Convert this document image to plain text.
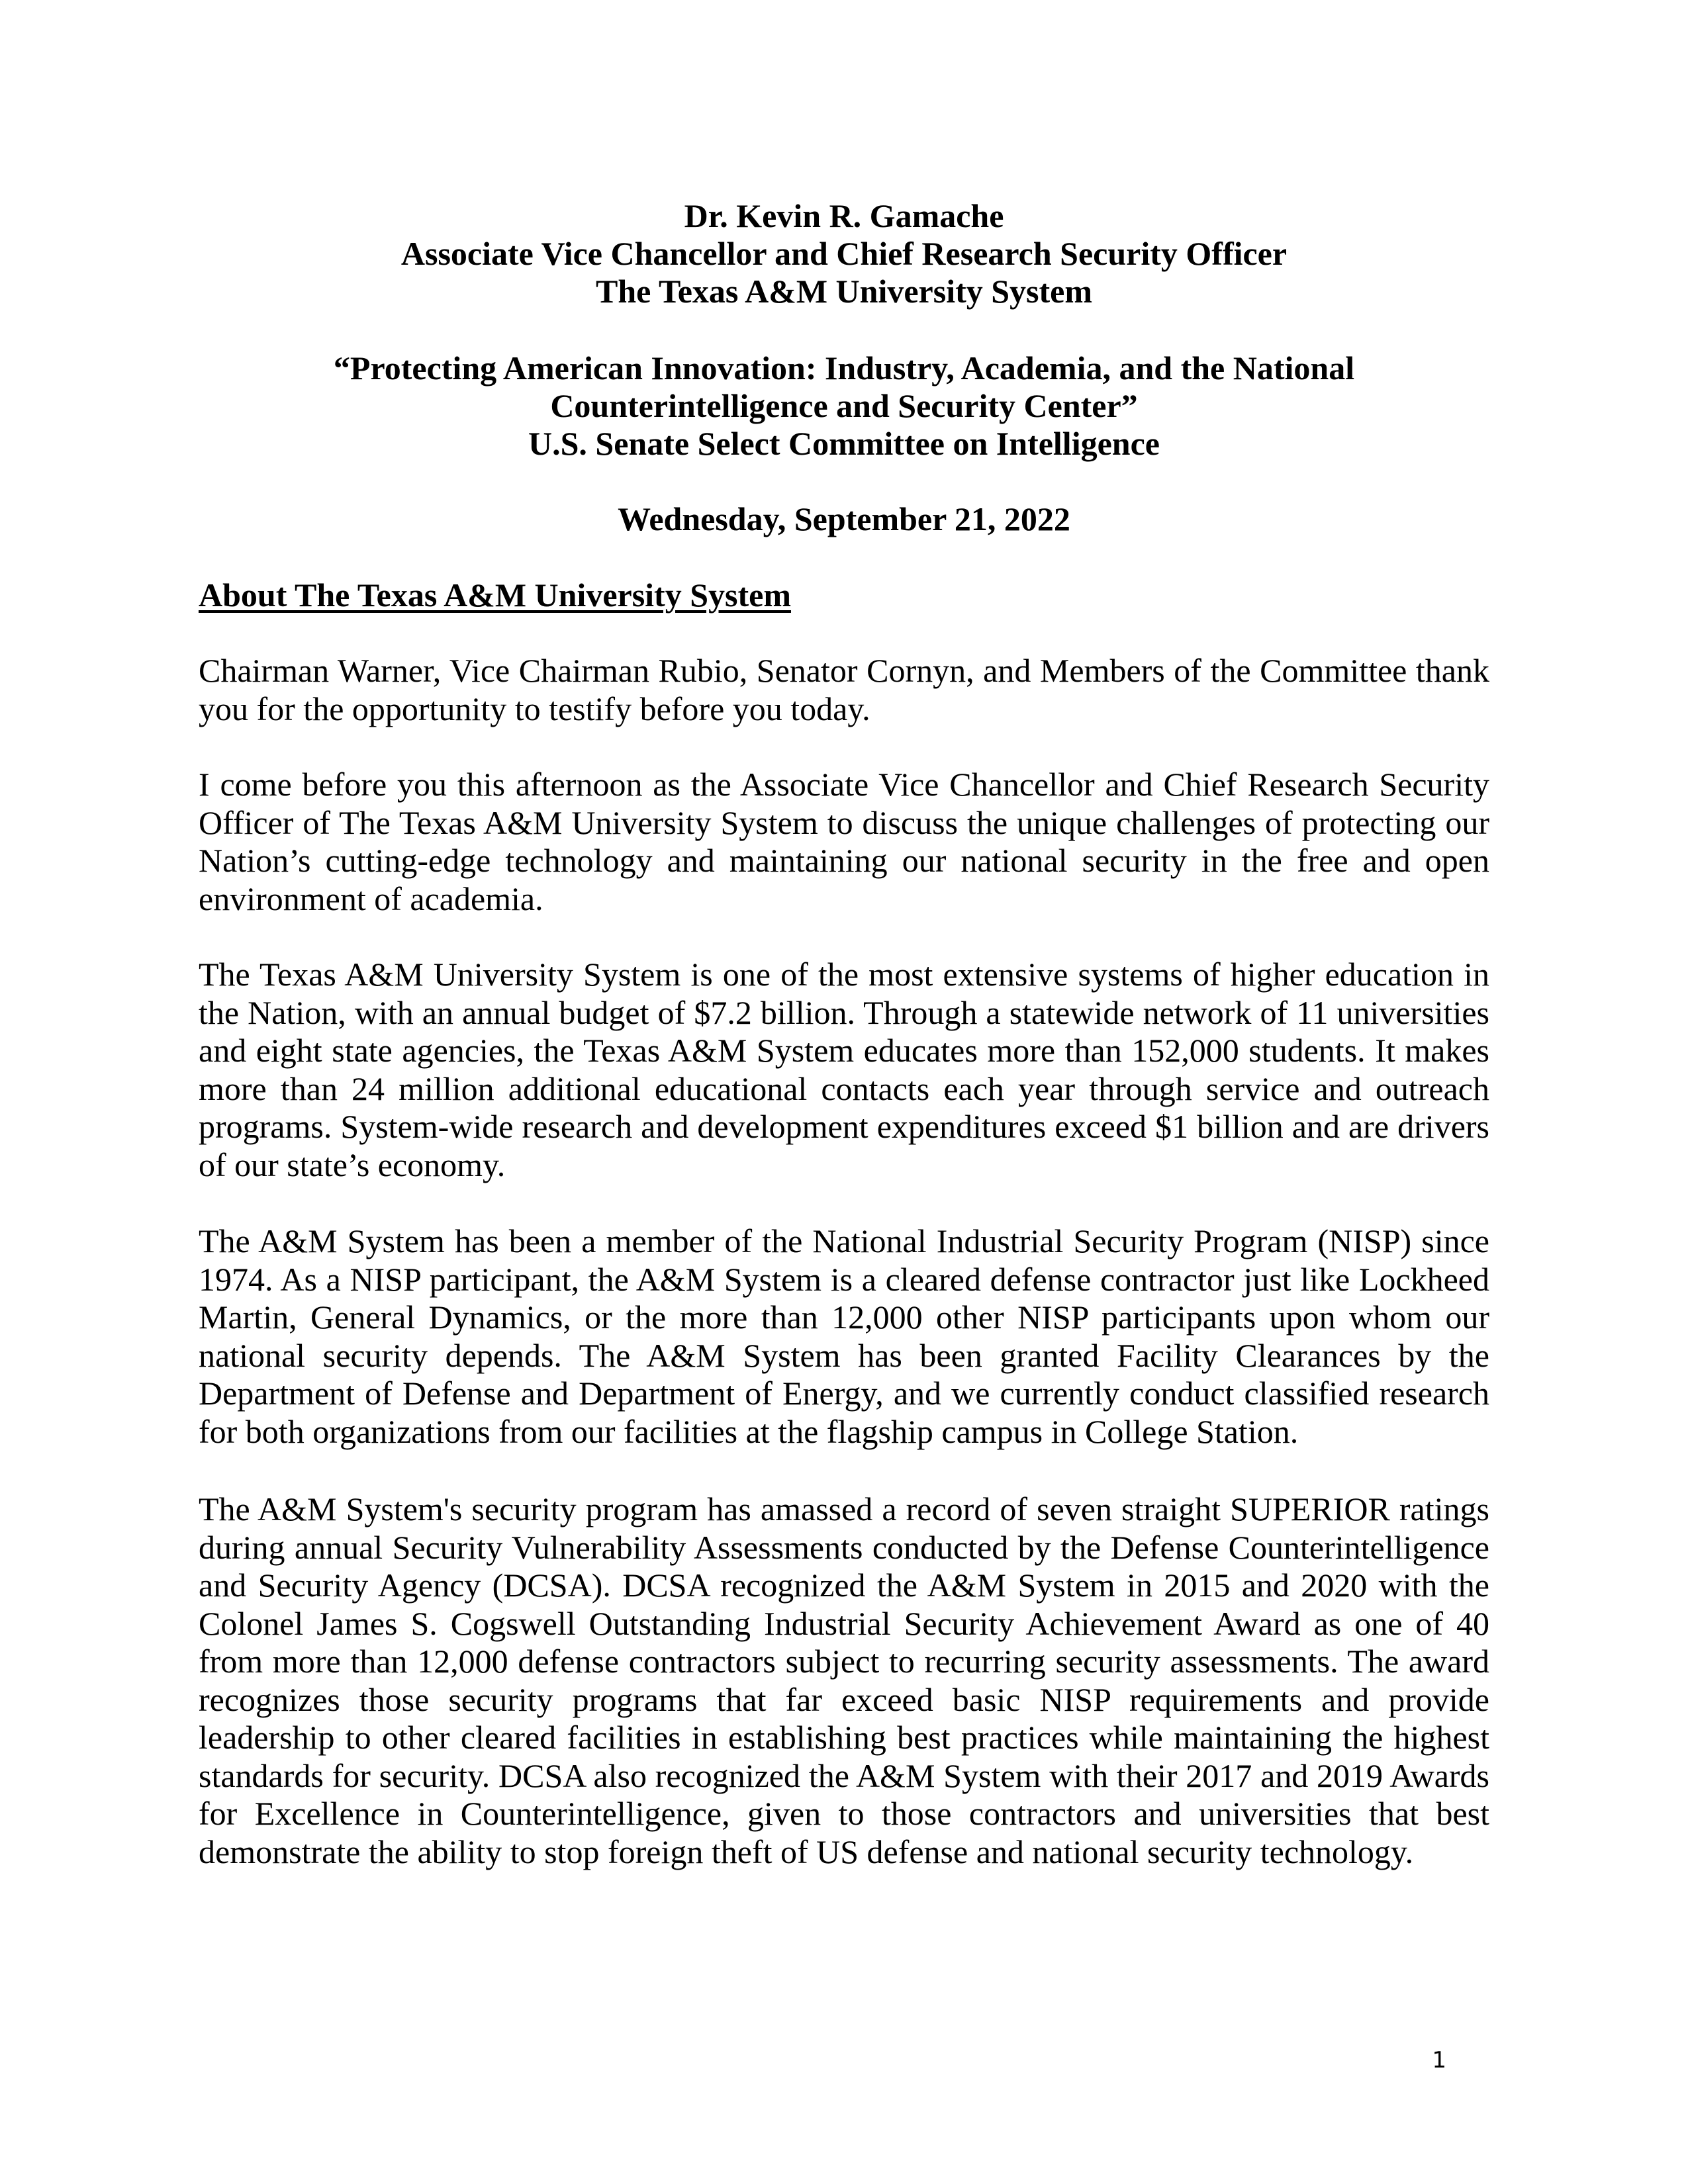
Dr. Kevin R. Gamache
Associate Vice Chancellor and Chief Research Security Officer
The Texas A&M University System
“Protecting American Innovation: Industry, Academia, and the National
Counterintelligence and Security Center”
U.S. Senate Select Committee on Intelligence
Wednesday, September 21, 2022
About The Texas A&M University System

Chairman Warner, Vice Chairman Rubio, Senator Cornyn, and Members of the Committee thank you for the opportunity to testify before you today.

I come before you this afternoon as the Associate Vice Chancellor and Chief Research Security Officer of The Texas A&M University System to discuss the unique challenges of protecting our Nation’s cutting-edge technology and maintaining our national security in the free and open environment of academia.

The Texas A&M University System is one of the most extensive systems of higher education in the Nation, with an annual budget of $7.2 billion. Through a statewide network of 11 universities and eight state agencies, the Texas A&M System educates more than 152,000 students. It makes more than 24 million additional educational contacts each year through service and outreach programs. System-wide research and development expenditures exceed $1 billion and are drivers of our state’s economy.

The A&M System has been a member of the National Industrial Security Program (NISP) since 1974. As a NISP participant, the A&M System is a cleared defense contractor just like Lockheed Martin, General Dynamics, or the more than 12,000 other NISP participants upon whom our national security depends. The A&M System has been granted Facility Clearances by the Department of Defense and Department of Energy, and we currently conduct classified research for both organizations from our facilities at the flagship campus in College Station.

The A&M System's security program has amassed a record of seven straight SUPERIOR ratings during annual Security Vulnerability Assessments conducted by the Defense Counterintelligence and Security Agency (DCSA). DCSA recognized the A&M System in 2015 and 2020 with the Colonel James S. Cogswell Outstanding Industrial Security Achievement Award as one of 40 from more than 12,000 defense contractors subject to recurring security assessments. The award recognizes those security programs that far exceed basic NISP requirements and provide leadership to other cleared facilities in establishing best practices while maintaining the highest standards for security. DCSA also recognized the A&M System with their 2017 and 2019 Awards for Excellence in Counterintelligence, given to those contractors and universities that best demonstrate the ability to stop foreign theft of US defense and national security technology.

1
